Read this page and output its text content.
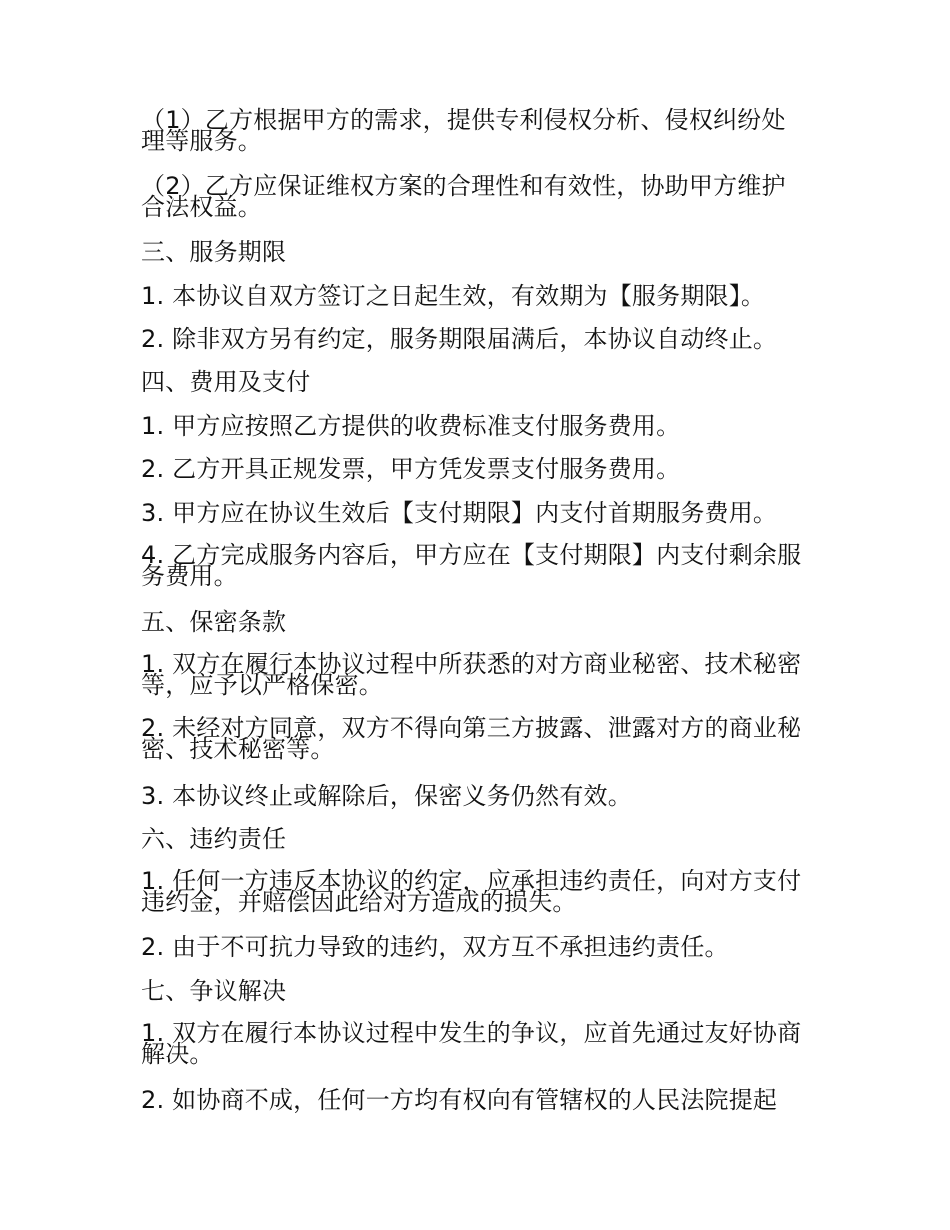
（1）乙方根据甲方的需求，提供专利侵权分析、侵权纠纷处理等服务。

（2）乙方应保证维权方案的合理性和有效性，协助甲方维护合法权益。

三、服务期限

1. 本协议自双方签订之日起生效，有效期为【服务期限】。

2. 除非双方另有约定，服务期限届满后，本协议自动终止。

四、费用及支付

1. 甲方应按照乙方提供的收费标准支付服务费用。

2. 乙方开具正规发票，甲方凭发票支付服务费用。

3. 甲方应在协议生效后【支付期限】内支付首期服务费用。

4. 乙方完成服务内容后，甲方应在【支付期限】内支付剩余服务费用。

五、保密条款

1. 双方在履行本协议过程中所获悉的对方商业秘密、技术秘密等，应予以严格保密。

2. 未经对方同意，双方不得向第三方披露、泄露对方的商业秘密、技术秘密等。

3. 本协议终止或解除后，保密义务仍然有效。

六、违约责任

1. 任何一方违反本协议的约定，应承担违约责任，向对方支付违约金，并赔偿因此给对方造成的损失。

2. 由于不可抗力导致的违约，双方互不承担违约责任。

七、争议解决

1. 双方在履行本协议过程中发生的争议，应首先通过友好协商解决。

2. 如协商不成，任何一方均有权向有管辖权的人民法院提起
